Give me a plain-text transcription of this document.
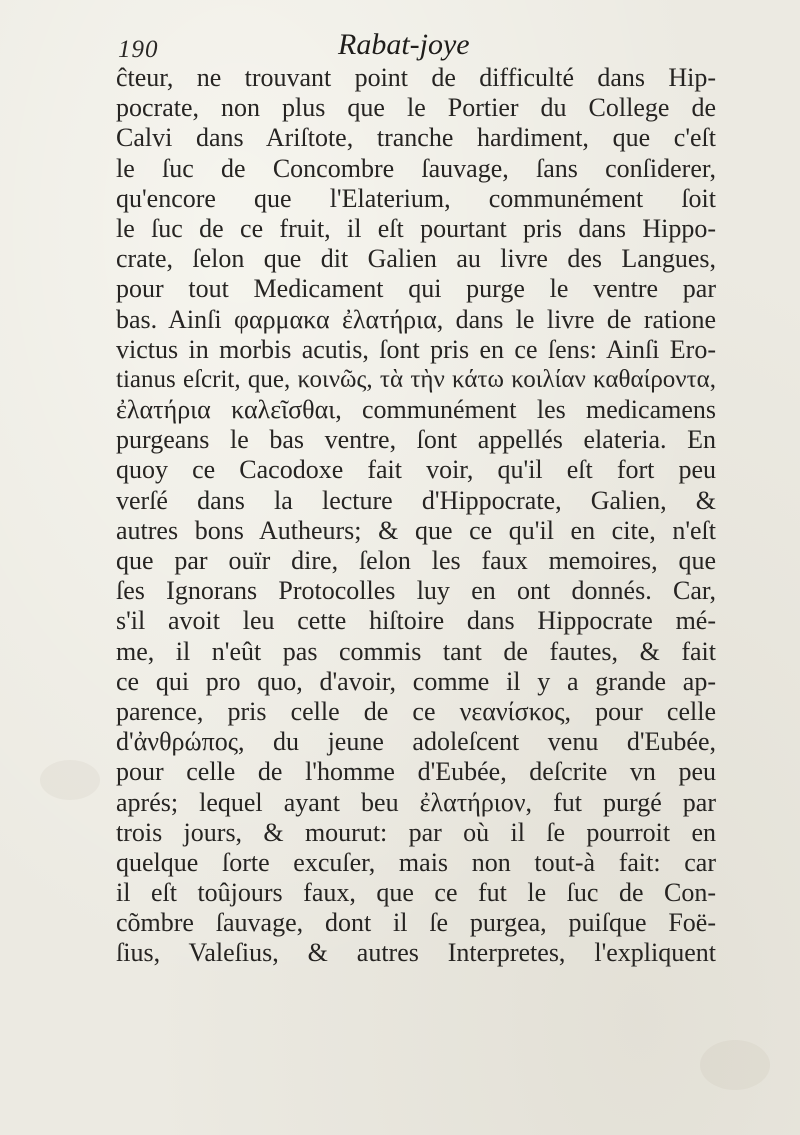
190	Rabat-joye
ĉteur, ne trouvant point de difficulté dans Hip-
pocrate, non plus que le Portier du College de
Calvi dans Ariſtote, tranche hardiment, que c'eſt
le ſuc de Concombre ſauvage, ſans conſiderer,
qu'encore que l'Elaterium, communément ſoit
le ſuc de ce fruit, il eſt pourtant pris dans Hippo-
crate, ſelon que dit Galien au livre des Langues,
pour tout Medicament qui purge le ventre par
bas. Ainſi φαρμακα ἐλατήρια, dans le livre de ratione
victus in morbis acutis, ſont pris en ce ſens: Ainſi Ero-
tianus eſcrit, que, κοινῶς, τὰ τὴν κάτω κοιλίαν καθαίροντα,
ἐλατήρια καλεῖσθαι, communément les medicamens
purgeans le bas ventre, ſont appellés elateria. En
quoy ce Cacodoxe fait voir, qu'il eſt fort peu
verſé dans la lecture d'Hippocrate, Galien, &
autres bons Autheurs; & que ce qu'il en cite, n'eſt
que par ouïr dire, ſelon les faux memoires, que
ſes Ignorans Protocolles luy en ont donnés. Car,
s'il avoit leu cette hiſtoire dans Hippocrate mé-
me, il n'eût pas commis tant de fautes, & fait
ce qui pro quo, d'avoir, comme il y a grande ap-
parence, pris celle de ce νεανίσκος, pour celle
d'ἀνθρώπος, du jeune adoleſcent venu d'Eubée,
pour celle de l'homme d'Eubée, deſcrite vn peu
aprés; lequel ayant beu ἐλατήριον, fut purgé par
trois jours, & mourut: par où il ſe pourroit en
quelque ſorte excuſer, mais non tout-à fait: car
il eſt toûjours faux, que ce fut le ſuc de Con-
cõmbre ſauvage, dont il ſe purgea, puiſque Foë-
ſius, Valeſius, & autres Interpretes, l'expliquent
